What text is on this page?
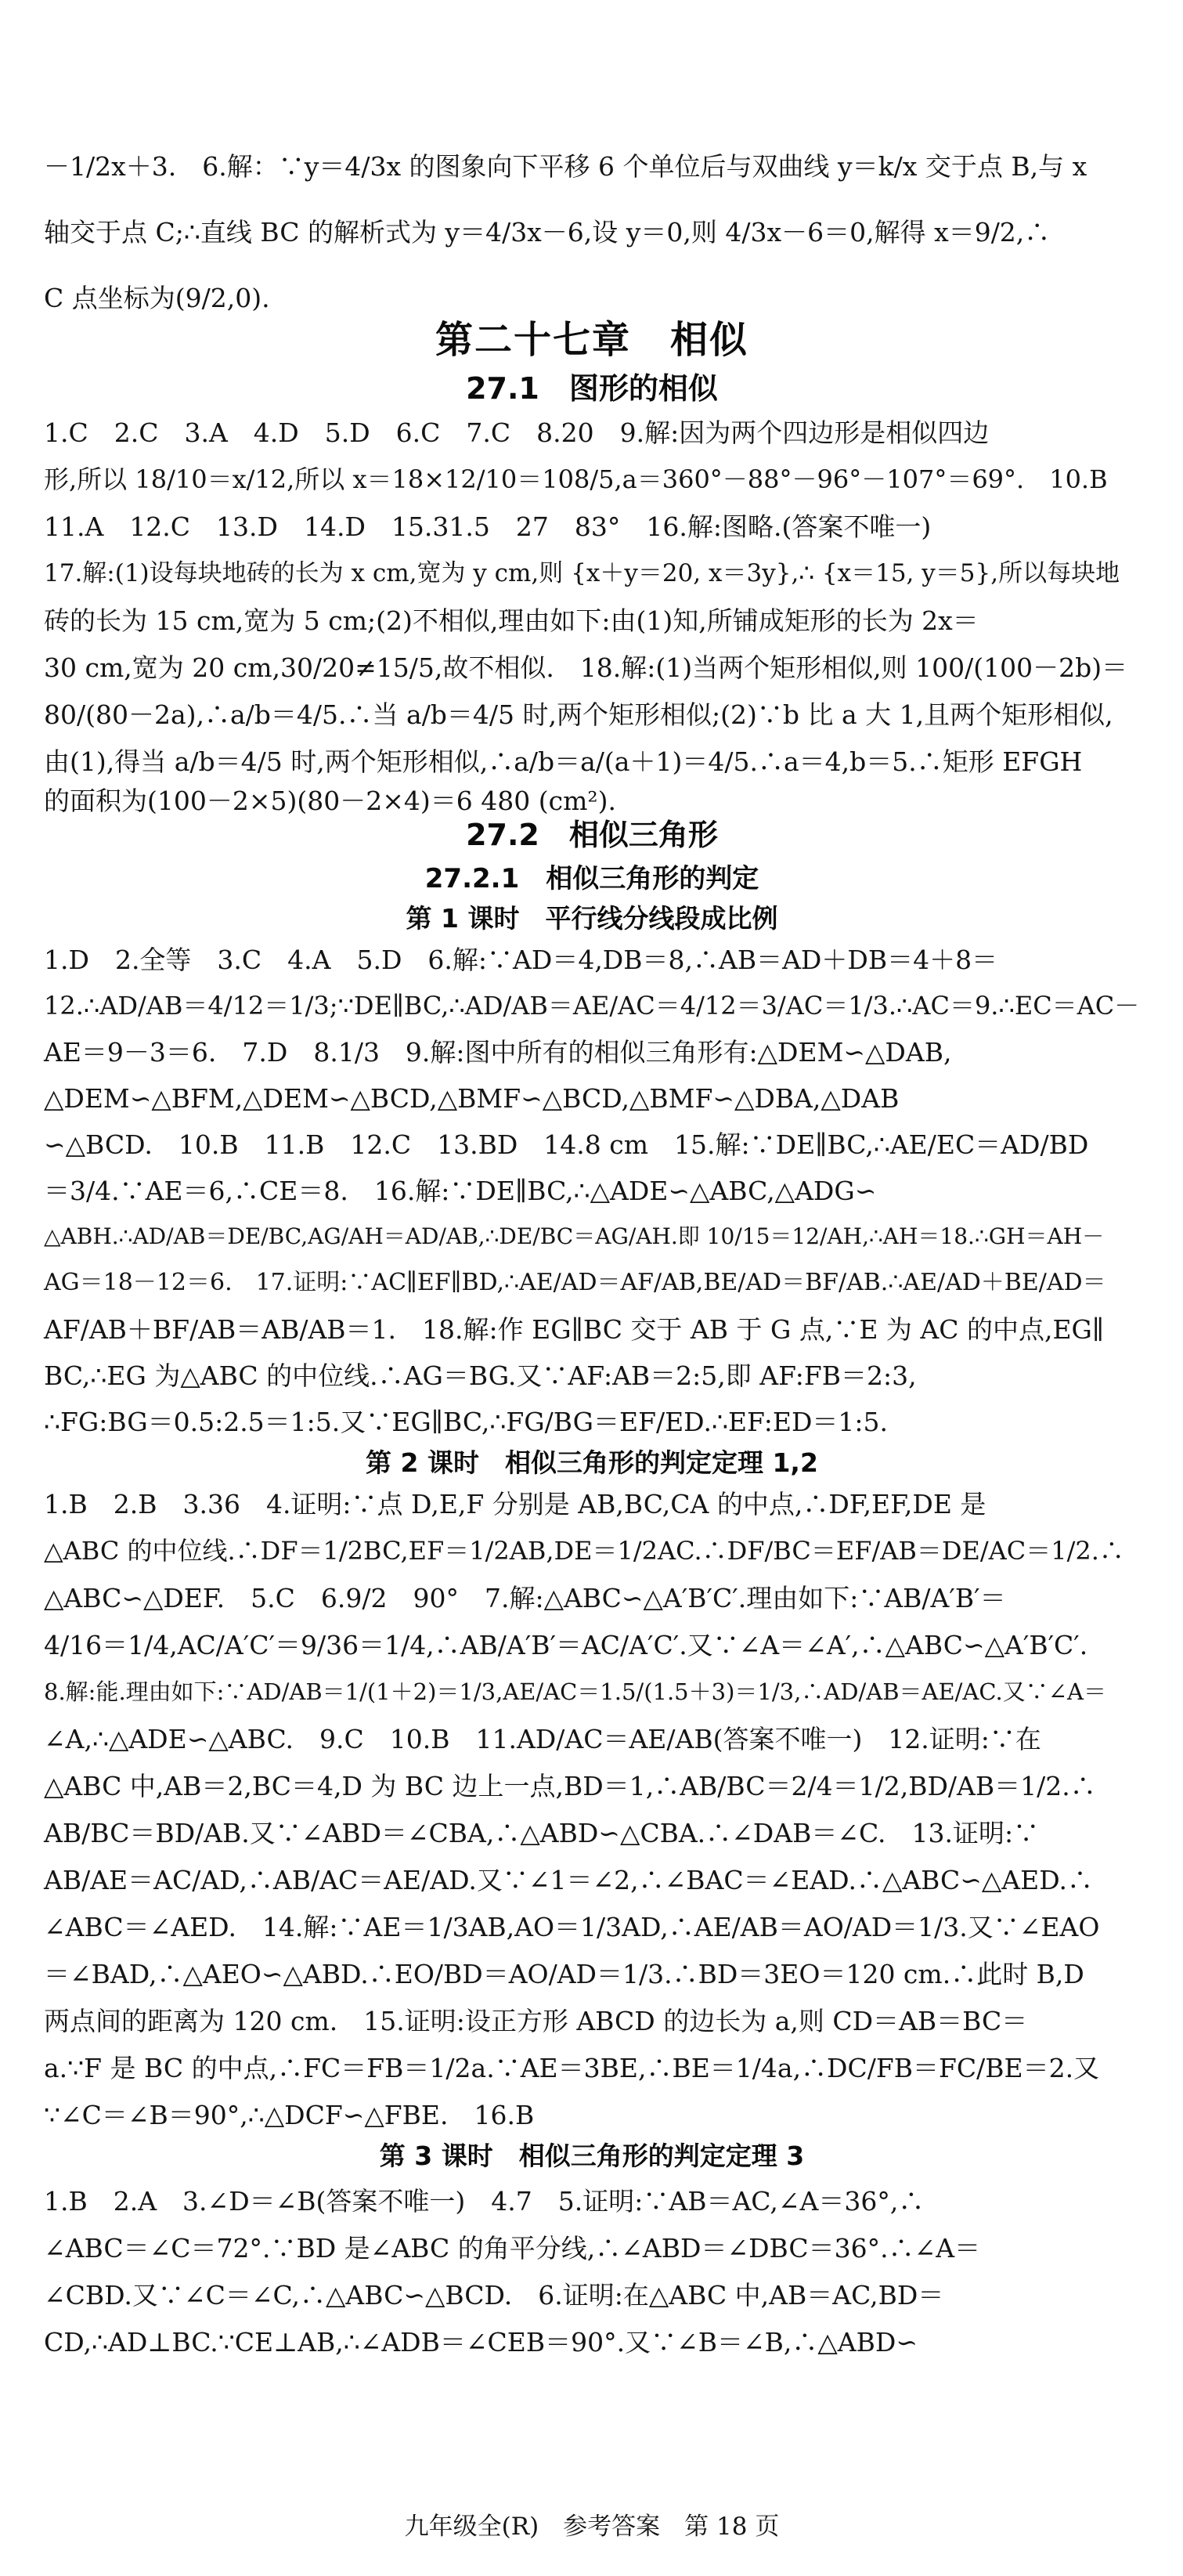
－1/2x＋3.　6.解：∵y＝4/3x 的图象向下平移 6 个单位后与双曲线 y＝k/x 交于点 B,与 x
轴交于点 C;∴直线 BC 的解析式为 y＝4/3x－6,设 y＝0,则 4/3x－6＝0,解得 x＝9/2,∴
C 点坐标为(9/2,0).
第二十七章　相似
27.1　图形的相似
1.C　2.C　3.A　4.D　5.D　6.C　7.C　8.20　9.解:因为两个四边形是相似四边
形,所以 18/10＝x/12,所以 x＝18×12/10＝108/5,a＝360°－88°－96°－107°＝69°.　10.B
11.A　12.C　13.D　14.D　15.31.5　27　83°　16.解:图略.(答案不唯一)
17.解:(1)设每块地砖的长为 x cm,宽为 y cm,则 {x＋y＝20, x＝3y},∴ {x＝15, y＝5},所以每块地
砖的长为 15 cm,宽为 5 cm;(2)不相似,理由如下:由(1)知,所铺成矩形的长为 2x＝
30 cm,宽为 20 cm,30/20≠15/5,故不相似.　18.解:(1)当两个矩形相似,则 100/(100－2b)＝
80/(80－2a),∴a/b＝4/5.∴当 a/b＝4/5 时,两个矩形相似;(2)∵b 比 a 大 1,且两个矩形相似,
由(1),得当 a/b＝4/5 时,两个矩形相似,∴a/b＝a/(a＋1)＝4/5.∴a＝4,b＝5.∴矩形 EFGH
的面积为(100－2×5)(80－2×4)＝6 480 (cm²).
27.2　相似三角形
27.2.1　相似三角形的判定
第 1 课时　平行线分线段成比例
1.D　2.全等　3.C　4.A　5.D　6.解:∵AD＝4,DB＝8,∴AB＝AD＋DB＝4＋8＝
12.∴AD/AB＝4/12＝1/3;∵DE∥BC,∴AD/AB＝AE/AC＝4/12＝3/AC＝1/3.∴AC＝9.∴EC＝AC－
AE＝9－3＝6.　7.D　8.1/3　9.解:图中所有的相似三角形有:△DEM∽△DAB,
△DEM∽△BFM,△DEM∽△BCD,△BMF∽△BCD,△BMF∽△DBA,△DAB
∽△BCD.　10.B　11.B　12.C　13.BD　14.8 cm　15.解:∵DE∥BC,∴AE/EC＝AD/BD
＝3/4.∵AE＝6,∴CE＝8.　16.解:∵DE∥BC,∴△ADE∽△ABC,△ADG∽
△ABH.∴AD/AB＝DE/BC,AG/AH＝AD/AB,∴DE/BC＝AG/AH.即 10/15＝12/AH,∴AH＝18.∴GH＝AH－
AG＝18－12＝6.　17.证明:∵AC∥EF∥BD,∴AE/AD＝AF/AB,BE/AD＝BF/AB.∴AE/AD＋BE/AD＝
AF/AB＋BF/AB＝AB/AB＝1.　18.解:作 EG∥BC 交于 AB 于 G 点,∵E 为 AC 的中点,EG∥
BC,∴EG 为△ABC 的中位线.∴AG＝BG.又∵AF:AB＝2:5,即 AF:FB＝2:3,
∴FG:BG＝0.5:2.5＝1:5.又∵EG∥BC,∴FG/BG＝EF/ED.∴EF:ED＝1:5.
第 2 课时　相似三角形的判定定理 1,2
1.B　2.B　3.36　4.证明:∵点 D,E,F 分别是 AB,BC,CA 的中点,∴DF,EF,DE 是
△ABC 的中位线.∴DF＝1/2BC,EF＝1/2AB,DE＝1/2AC.∴DF/BC＝EF/AB＝DE/AC＝1/2.∴
△ABC∽△DEF.　5.C　6.9/2　90°　7.解:△ABC∽△A′B′C′.理由如下:∵AB/A′B′＝
4/16＝1/4,AC/A′C′＝9/36＝1/4,∴AB/A′B′＝AC/A′C′.又∵∠A＝∠A′,∴△ABC∽△A′B′C′.
8.解:能.理由如下:∵AD/AB＝1/(1＋2)＝1/3,AE/AC＝1.5/(1.5＋3)＝1/3,∴AD/AB＝AE/AC.又∵∠A＝
∠A,∴△ADE∽△ABC.　9.C　10.B　11.AD/AC＝AE/AB(答案不唯一)　12.证明:∵在
△ABC 中,AB＝2,BC＝4,D 为 BC 边上一点,BD＝1,∴AB/BC＝2/4＝1/2,BD/AB＝1/2.∴
AB/BC＝BD/AB.又∵∠ABD＝∠CBA,∴△ABD∽△CBA.∴∠DAB＝∠C.　13.证明:∵
AB/AE＝AC/AD,∴AB/AC＝AE/AD.又∵∠1＝∠2,∴∠BAC＝∠EAD.∴△ABC∽△AED.∴
∠ABC＝∠AED.　14.解:∵AE＝1/3AB,AO＝1/3AD,∴AE/AB＝AO/AD＝1/3.又∵∠EAO
＝∠BAD,∴△AEO∽△ABD.∴EO/BD＝AO/AD＝1/3.∴BD＝3EO＝120 cm.∴此时 B,D
两点间的距离为 120 cm.　15.证明:设正方形 ABCD 的边长为 a,则 CD＝AB＝BC＝
a.∵F 是 BC 的中点,∴FC＝FB＝1/2a.∵AE＝3BE,∴BE＝1/4a,∴DC/FB＝FC/BE＝2.又
∵∠C＝∠B＝90°,∴△DCF∽△FBE.　16.B
第 3 课时　相似三角形的判定定理 3
1.B　2.A　3.∠D＝∠B(答案不唯一)　4.7　5.证明:∵AB＝AC,∠A＝36°,∴
∠ABC＝∠C＝72°.∵BD 是∠ABC 的角平分线,∴∠ABD＝∠DBC＝36°.∴∠A＝
∠CBD.又∵∠C＝∠C,∴△ABC∽△BCD.　6.证明:在△ABC 中,AB＝AC,BD＝
CD,∴AD⊥BC.∵CE⊥AB,∴∠ADB＝∠CEB＝90°.又∵∠B＝∠B,∴△ABD∽
九年级全(R)　参考答案　第 18 页
